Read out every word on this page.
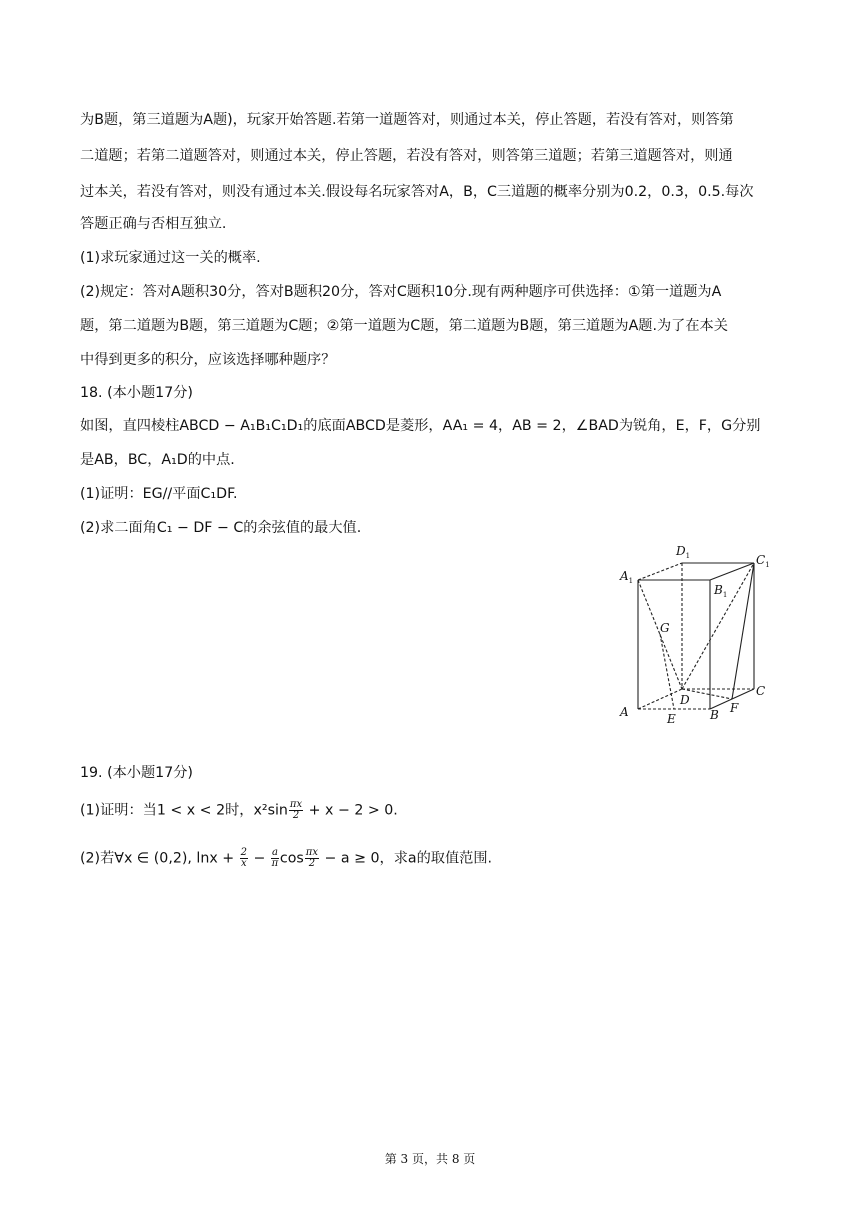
为B题，第三道题为A题)，玩家开始答题.若第一道题答对，则通过本关，停止答题，若没有答对，则答第
二道题；若第二道题答对，则通过本关，停止答题，若没有答对，则答第三道题；若第三道题答对，则通
过本关，若没有答对，则没有通过本关.假设每名玩家答对A，B，C三道题的概率分别为0.2，0.3，0.5.每次
答题正确与否相互独立.
(1)求玩家通过这一关的概率.
(2)规定：答对A题积30分，答对B题积20分，答对C题积10分.现有两种题序可供选择：①第一道题为A
题，第二道题为B题，第三道题为C题；②第一道题为C题，第二道题为B题，第三道题为A题.为了在本关
中得到更多的积分，应该选择哪种题序？
18. (本小题17分)
如图，直四棱柱ABCD − A₁B₁C₁D₁的底面ABCD是菱形，AA₁ = 4，AB = 2，∠BAD为锐角，E，F，G分别
是AB，BC，A₁D的中点.
(1)证明：EG//平面C₁DF.
(2)求二面角C₁ − DF − C的余弦值的最大值.
A	B
C
D
E
F
G
$A_1$
$B_1$
$C_1$
$D_1$
19. (本小题17分)
(1)证明：当1 < x < 2时，$x^2\sin \frac{\pi x}{2} + x - 2 > 0$.
(2)若∀x ∈ (0,2), $\ln x + \frac{2}{x} - \frac{a}{\pi}$ $\cos \frac{\pi x}{2} - a \ge 0$，求a的取值范围.
第 3 页，共 8 页
